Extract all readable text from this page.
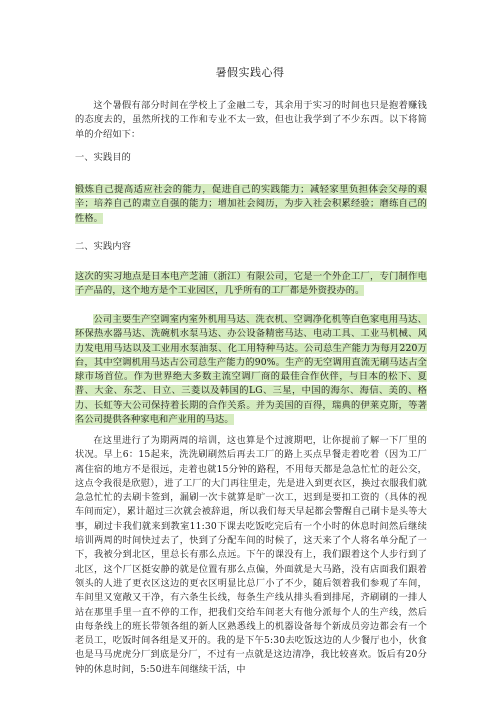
暑假实践心得

这个暑假有部分时间在学校上了金融二专，其余用于实习的时间也只是抱着赚钱的态度去的，虽然所找的工作和专业不太一致，但也让我学到了不少东西。以下将简单的介绍如下：

一、实践目的

锻炼自己提高适应社会的能力，促进自己的实践能力；减轻家里负担体会父母的艰辛；培养自己的肃立自强的能力；增加社会阅历，为步入社会积累经验；磨练自己的性格。

二、实践内容

这次的实习地点是日本电产芝浦（浙江）有限公司，它是一个外企工厂，专门制作电子产品的，这个地方是个工业园区，几乎所有的工厂都是外资投办的。

公司主要生产空调室内室外机用马达、洗衣机、空调净化机等白色家电用马达、环保热水器马达、洗碗机水泵马达、办公设备精密马达、电动工具、工业马机械、风力发电用马达以及工业用水泵油泵、化工用特种马达。公司总生产能力为每月220万台，其中空调机用马达占公司总生产能力的90%。生产的无空调用直流无刷马达占全球市场首位。作为世界绝大多数主流空调厂商的最佳合作伙伴，与日本的松下、夏普、大金、东芝、日立、三菱以及韩国的LG、三星，中国的海尔、海信、美的、格力、长虹等大公司保持着长期的合作关系。并为美国的百得，瑞典的伊莱克斯，等著名公司提供各种家电和产业用的马达。

在这里进行了为期两周的培训，这也算是个过渡期吧，让你提前了解一下厂里的状况。早上6：15起来，洗洗刷刷然后再去工厂的路上买点早餐走着吃着（因为工厂离住宿的地方不是很远，走着也就15分钟的路程，不用每天都是急急忙忙的赶公交，这点令我很是欣慰），进了工厂的大门再往里走，先是进入到更衣区，换过衣服我们就急急忙忙的去刷卡签到，漏刷一次卡就算是旷一次工，迟到是要扣工资的（具体的视车间而定），累计超过三次就会被辞退，所以我们每天早起都会警醒自己刷卡是头等大事，刷过卡我们就来到教室11:30下课去吃饭吃完后有一个小时的休息时间然后继续培训两周的时间快过去了，快到了分配车间的时候了，这天来了个人将名单分配了一下，我被分到北区，里总长有那么点远。下午的课没有上，我们跟着这个人步行到了北区，这个厂区挺安静的就是位置有那么点偏，外面就是大马路，没有店面我们跟着领头的人进了更衣区这边的更衣区明显比总厂小了不少，随后领着我们参观了车间，车间里又宽敞又干净，有六条生长线，每条生产线从排头看到排尾，齐刷刷的一排人站在那里手里一直不停的工作，把我们交给车间老大有他分派每个人的生产线，然后由每条线上的班长带领各组的新人区熟悉线上的机器设备每个新成员旁边都会有一个老员工，吃饭时间各组是叉开的。我的是下午5:30去吃饭这边的人少餐厅也小，伙食也是马马虎虎分厂到底是分厂，不过有一点就是这边清净，我比较喜欢。饭后有20分钟的休息时间，5:50进车间继续干活，中
